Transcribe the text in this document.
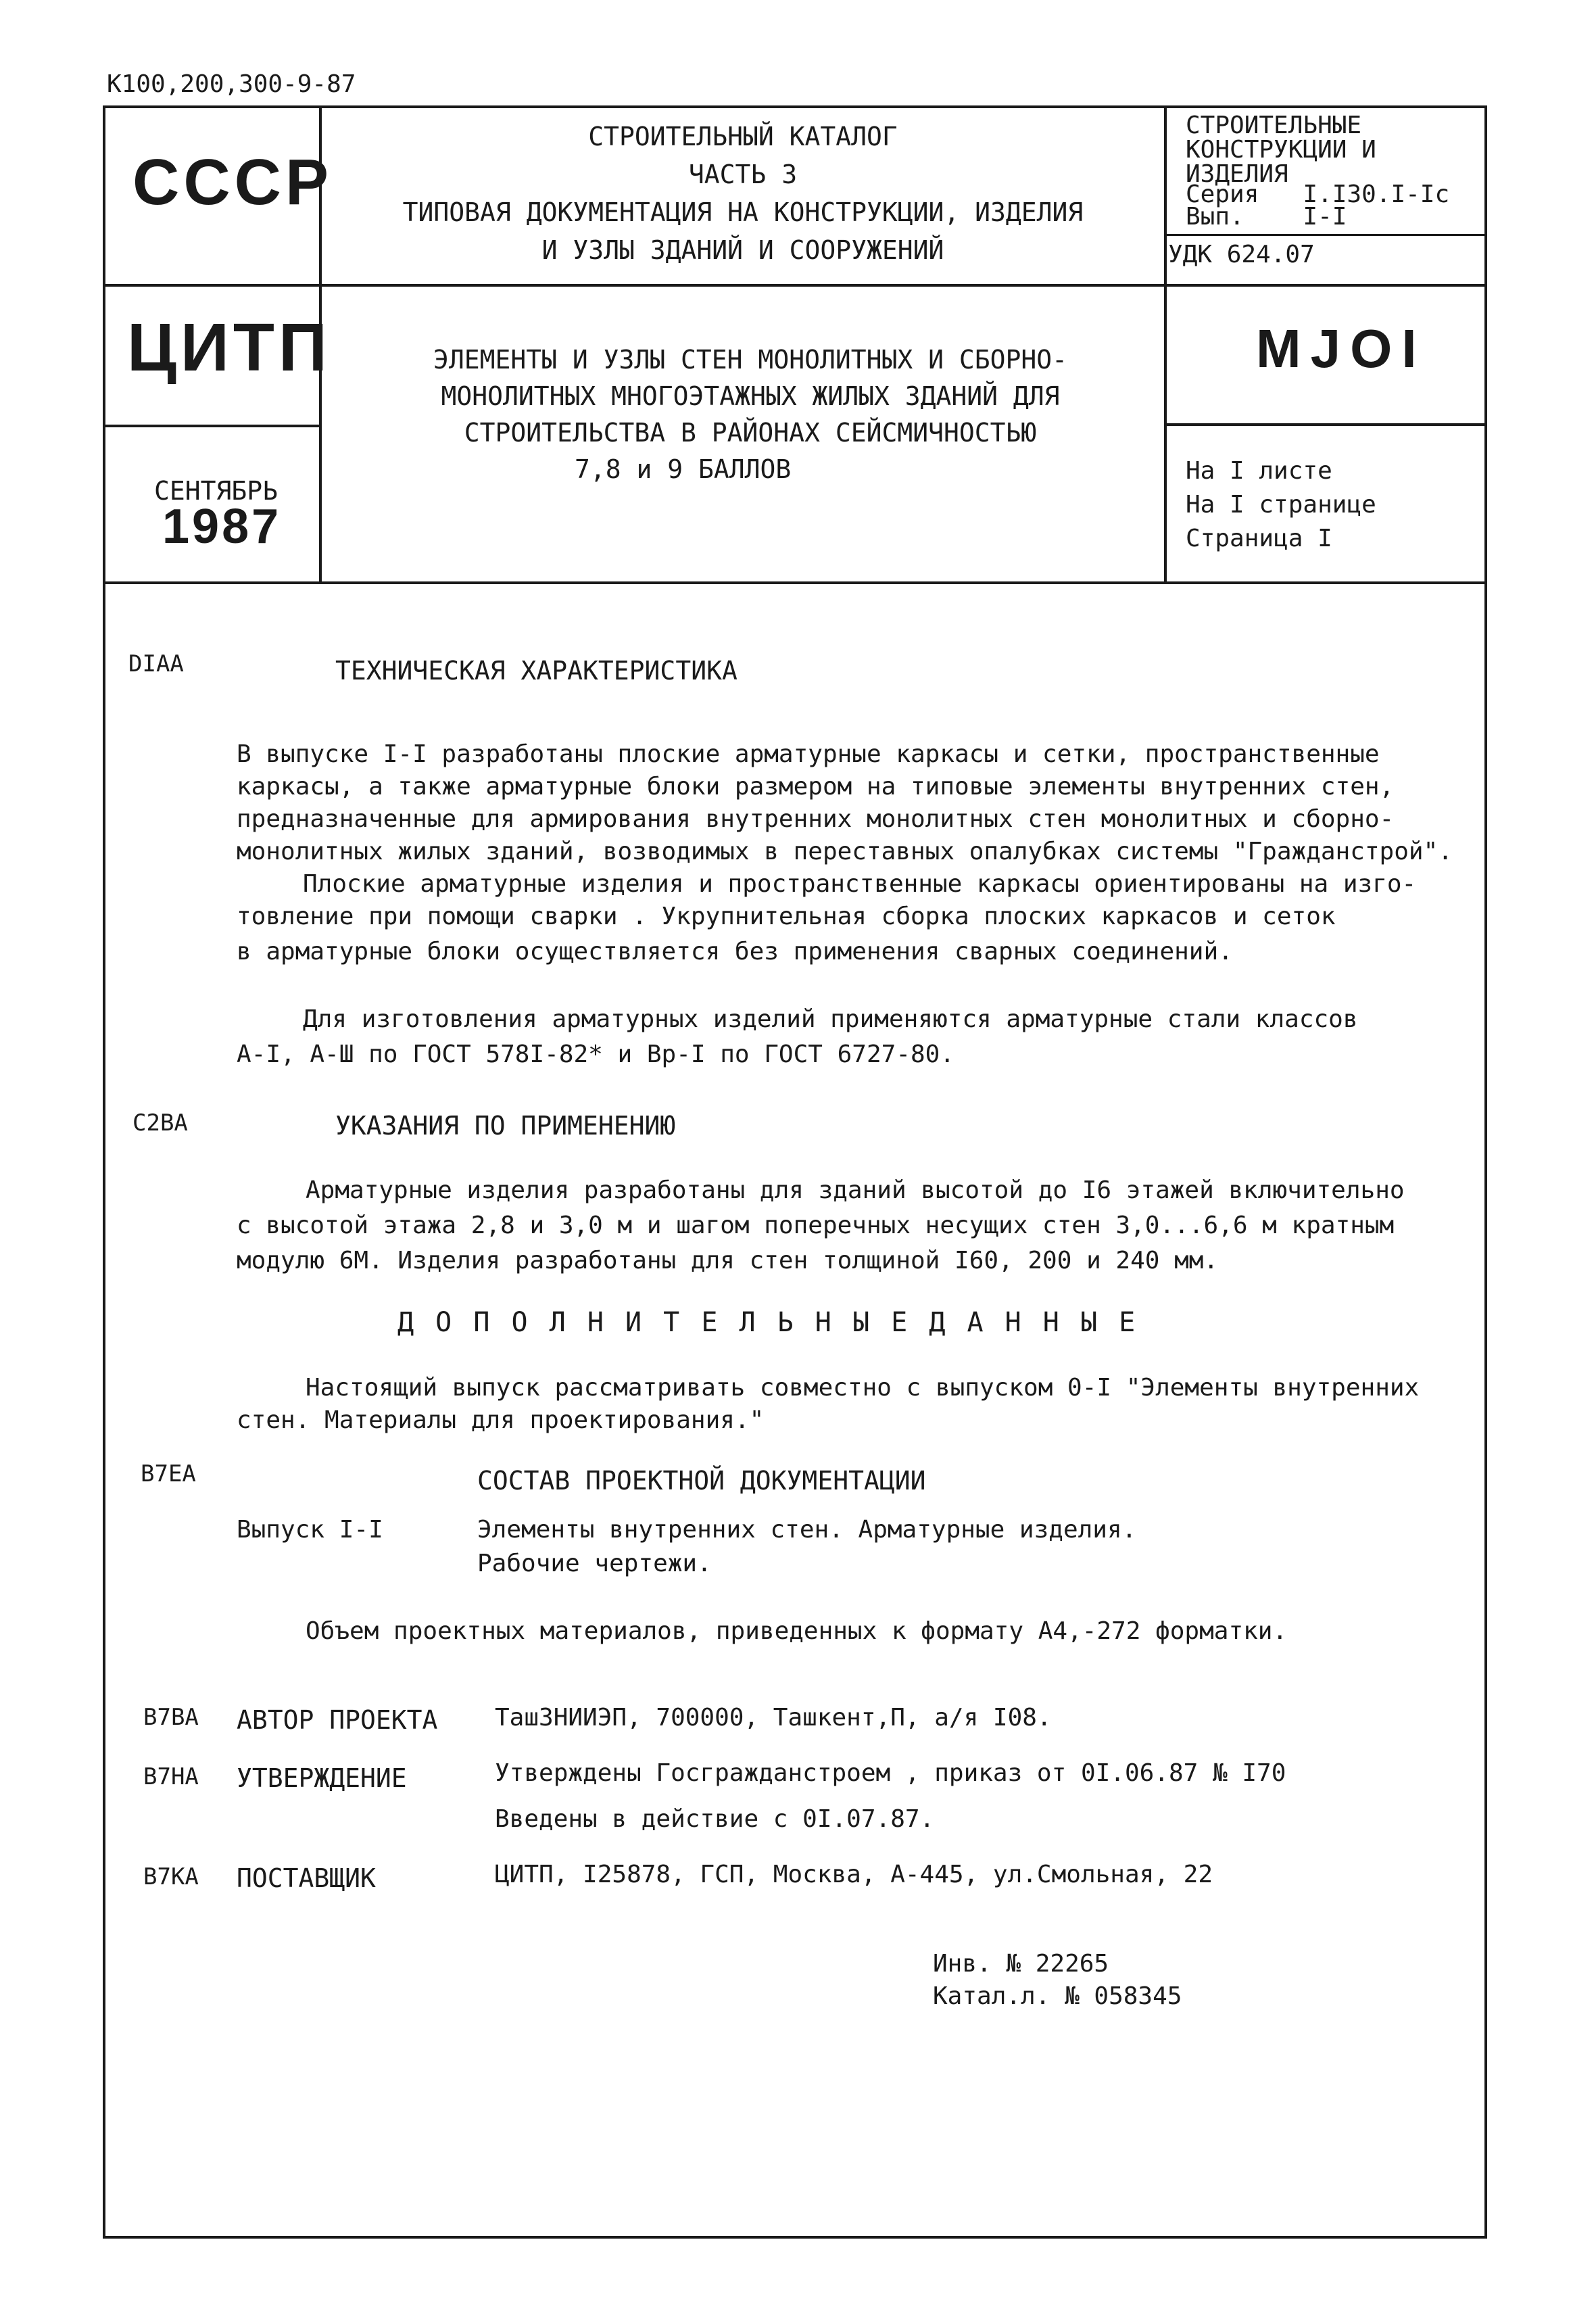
К100,200,300-9-87
СССР
ЦИТП
СЕНТЯБРЬ
1987
СТРОИТЕЛЬНЫЙ КАТАЛОГ
ЧАСТЬ 3
ТИПОВАЯ ДОКУМЕНТАЦИЯ НА КОНСТРУКЦИИ, ИЗДЕЛИЯ
И УЗЛЫ ЗДАНИЙ И СООРУЖЕНИЙ
ЭЛЕМЕНТЫ И УЗЛЫ СТЕН МОНОЛИТНЫХ И СБОРНО-
МОНОЛИТНЫХ МНОГОЭТАЖНЫХ ЖИЛЫХ ЗДАНИЙ ДЛЯ
СТРОИТЕЛЬСТВА В РАЙОНАХ СЕЙСМИЧНОСТЬЮ
7,8 и 9 БАЛЛОВ
СТРОИТЕЛЬНЫЕ
КОНСТРУКЦИИ И
ИЗДЕЛИЯ
Серия I.I30.I-Ic
Вып. I-I
УДК 624.07
МJОI
На I листе
На I странице
Страница I
DIAA	ТЕХНИЧЕСКАЯ ХАРАКТЕРИСТИКА
В выпуске I-I разработаны плоские арматурные каркасы и сетки, пространственные
каркасы, а также арматурные блоки размером на типовые элементы внутренних стен,
предназначенные для армирования внутренних монолитных стен монолитных и сборно-
монолитных жилых зданий, возводимых в переставных опалубках системы "Гражданстрой".
Плоские арматурные изделия и пространственные каркасы ориентированы на изго-
товление при помощи сварки . Укрупнительная сборка плоских каркасов и сеток
в арматурные блоки осуществляется без применения сварных соединений.
Для изготовления арматурных изделий применяются арматурные стали классов
А-I, А-Ш по ГОСТ 578I-82* и Вр-I по ГОСТ 6727-80.
C2BA	УКАЗАНИЯ ПО ПРИМЕНЕНИЮ
Арматурные изделия разработаны для зданий высотой до I6 этажей включительно
с высотой этажа 2,8 и 3,0 м и шагом поперечных несущих стен 3,0...6,6 м кратным
модулю 6М. Изделия разработаны для стен толщиной I60, 200 и 240 мм.
Д О П О Л Н И Т Е Л Ь Н Ы Е Д А Н Н Ы Е
Настоящий выпуск рассматривать совместно с выпуском 0-I "Элементы внутренних
стен. Материалы для проектирования."
B7EA	СОСТАВ ПРОЕКТНОЙ ДОКУМЕНТАЦИИ
Выпуск I-I	Элементы внутренних стен. Арматурные изделия.
Рабочие чертежи.
Объем проектных материалов, приведенных к формату А4,-272 форматки.
B7BA АВТОР ПРОЕКТА ТашЗНИИЭП, 700000, Ташкент,П, а/я I08.
B7HA УТВЕРЖДЕНИЕ	Утверждены Госгражданстроем , приказ от 0I.06.87 № I70
Введены в действие с 0I.07.87.
B7KA ПОСТАВЩИК	ЦИТП, I25878, ГСП, Москва, А-445, ул.Смольная, 22
Инв. № 22265
Катал.л. № 058345
